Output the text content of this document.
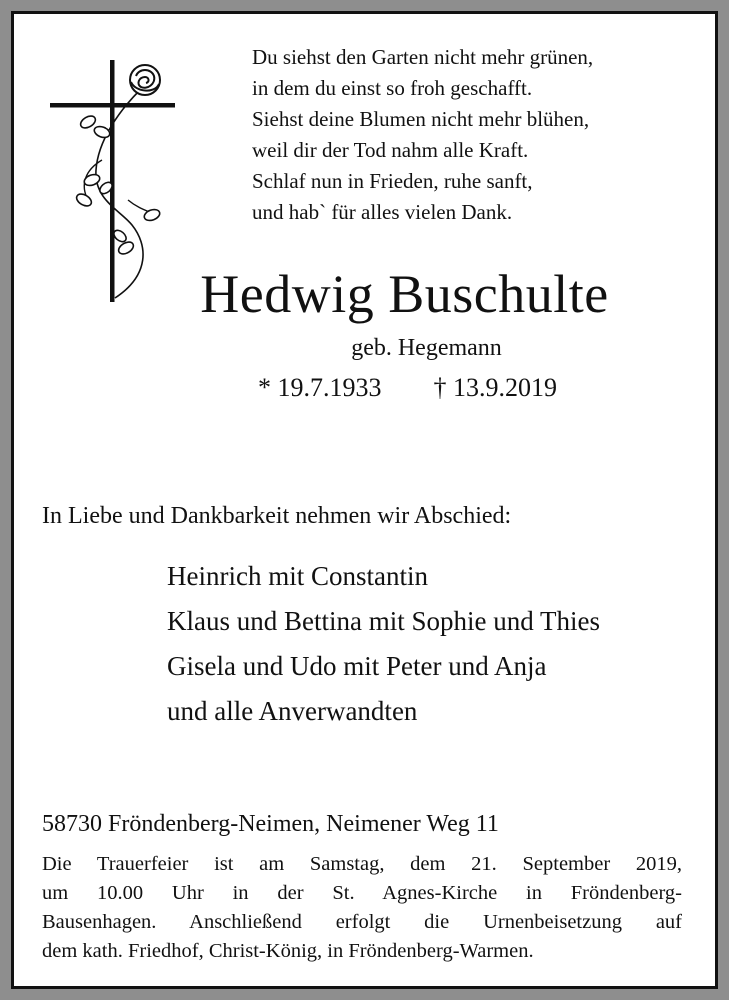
Du siehst den Garten nicht mehr grünen,
in dem du einst so froh geschafft.
Siehst deine Blumen nicht mehr blühen,
weil dir der Tod nahm alle Kraft.
Schlaf nun in Frieden, ruhe sanft,
und hab` für alles vielen Dank.
Hedwig Buschulte
geb. Hegemann
* 19.7.1933 † 13.9.2019
In Liebe und Dankbarkeit nehmen wir Abschied:
Heinrich mit Constantin
Klaus und Bettina mit Sophie und Thies
Gisela und Udo mit Peter und Anja
und alle Anverwandten
58730 Fröndenberg-Neimen, Neimener Weg 11
Die Trauerfeier ist am Samstag, dem 21. September 2019,
um 10.00 Uhr in der St. Agnes-Kirche in Fröndenberg-
Bausenhagen. Anschließend erfolgt die Urnenbeisetzung auf
dem kath. Friedhof, Christ-König, in Fröndenberg-Warmen.
